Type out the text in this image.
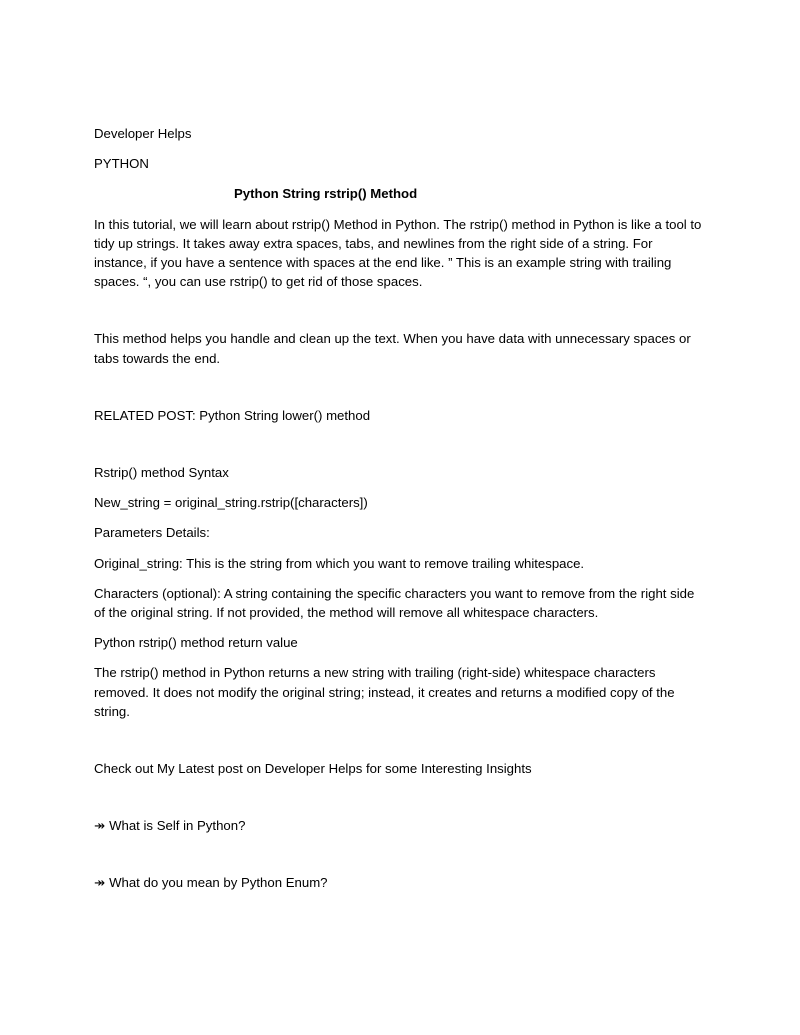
Developer Helps

PYTHON

Python String rstrip() Method

In this tutorial, we will learn about rstrip() Method in Python. The rstrip() method in Python is like a tool to tidy up strings. It takes away extra spaces, tabs, and newlines from the right side of a string. For instance, if you have a sentence with spaces at the end like. ” This is an example string with trailing spaces. “, you can use rstrip() to get rid of those spaces.

This method helps you handle and clean up the text. When you have data with unnecessary spaces or tabs towards the end.

RELATED POST: Python String lower() method

Rstrip() method Syntax

New_string = original_string.rstrip([characters])

Parameters Details:

Original_string: This is the string from which you want to remove trailing whitespace.

Characters (optional): A string containing the specific characters you want to remove from the right side of the original string. If not provided, the method will remove all whitespace characters.

Python rstrip() method return value

The rstrip() method in Python returns a new string with trailing (right-side) whitespace characters removed. It does not modify the original string; instead, it creates and returns a modified copy of the string.

Check out My Latest post on Developer Helps for some Interesting Insights

↠ What is Self in Python?

↠ What do you mean by Python Enum?
